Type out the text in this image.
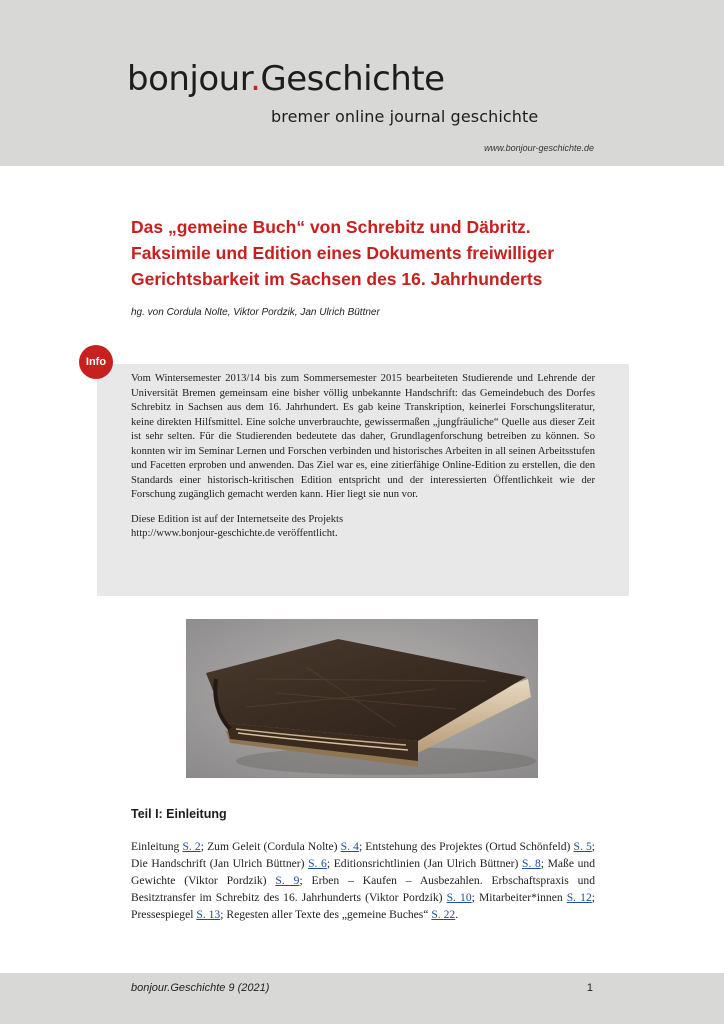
bonjour.Geschichte
bremer online journal geschichte
www.bonjour-geschichte.de
Das „gemeine Buch“ von Schrebitz und Däbritz.
Faksimile und Edition eines Dokuments freiwilliger
Gerichtsbarkeit im Sachsen des 16. Jahrhunderts
hg. von Cordula Nolte, Viktor Pordzik, Jan Ulrich Büttner

Vom Wintersemester 2013/14 bis zum Sommersemester 2015 bearbeiteten Studierende und Lehrende der Universität Bremen gemeinsam eine bisher völlig unbekannte Handschrift: das Gemeindebuch des Dorfes Schrebitz in Sachsen aus dem 16. Jahrhundert. Es gab keine Transkription, keinerlei Forschungsliteratur, keine direkten Hilfsmittel. Eine solche unverbrauchte, gewissermaßen „jungfräuliche“ Quelle aus dieser Zeit ist sehr selten. Für die Studierenden bedeutete das daher, Grundlagenforschung betreiben zu können. So konnten wir im Seminar Lernen und Forschen verbinden und historisches Arbeiten in all seinen Arbeitsstufen und Facetten erproben und anwenden. Das Ziel war es, eine zitierfähige Online-Edition zu erstellen, die den Standards einer historisch-kritischen Edition entspricht und der interessierten Öffentlichkeit wie der Forschung zugänglich gemacht werden kann. Hier liegt sie nun vor.

Diese Edition ist auf der Internetseite des Projekts
http://www.bonjour-geschichte.de veröffentlicht.

Info
Teil I: Einleitung

Einleitung S. 2; Zum Geleit (Cordula Nolte) S. 4; Entstehung des Projektes (Ortud Schönfeld) S. 5; Die Handschrift (Jan Ulrich Büttner) S. 6; Editionsrichtlinien (Jan Ulrich Büttner) S. 8; Maße und Gewichte (Viktor Pordzik) S. 9; Erben – Kaufen – Ausbezahlen. Erbschaftspraxis und Besitztransfer im Schrebitz des 16. Jahrhunderts (Viktor Pordzik) S. 10; Mitarbeiter*innen S. 12; Pressespiegel S. 13; Regesten aller Texte des „gemeine Buches“ S. 22.

bonjour.Geschichte 9 (2021)	1
